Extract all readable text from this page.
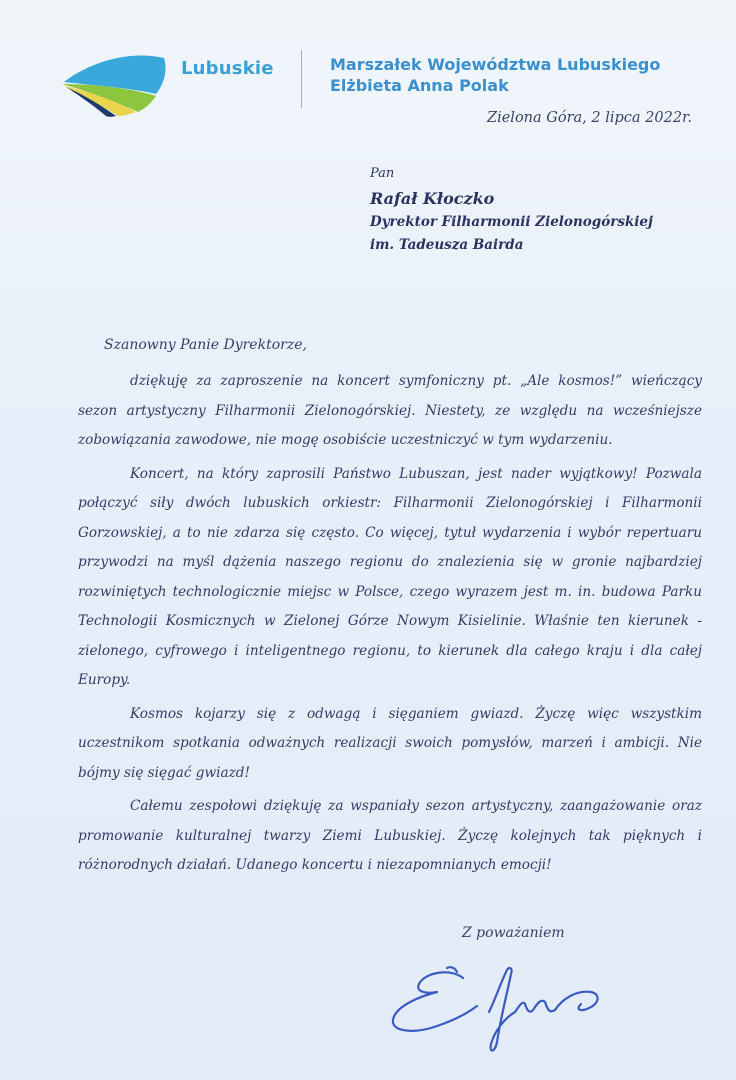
Lubuskie	Marszałek Województwa Lubuskiego
Elżbieta Anna Polak
Zielona Góra, 2 lipca 2022r.
Pan
Rafał Kłoczko
Dyrektor Filharmonii Zielonogórskiej
im. Tadeusza Bairda
Szanowny Panie Dyrektorze,

dziękuję za zaproszenie na koncert symfoniczny pt. „Ale kosmos!” wieńczący sezon artystyczny Filharmonii Zielonogórskiej. Niestety, ze względu na wcześniejsze zobowiązania zawodowe, nie mogę osobiście uczestniczyć w tym wydarzeniu.

Koncert, na który zaprosili Państwo Lubuszan, jest nader wyjątkowy! Pozwala połączyć siły dwóch lubuskich orkiestr: Filharmonii Zielonogórskiej i Filharmonii Gorzowskiej, a to nie zdarza się często. Co więcej, tytuł wydarzenia i wybór repertuaru przywodzi na myśl dążenia naszego regionu do znalezienia się w gronie najbardziej rozwiniętych technologicznie miejsc w Polsce, czego wyrazem jest m. in. budowa Parku Technologii Kosmicznych w Zielonej Górze Nowym Kisielinie. Właśnie ten kierunek - zielonego, cyfrowego i inteligentnego regionu, to kierunek dla całego kraju i dla całej Europy.

Kosmos kojarzy się z odwagą i sięganiem gwiazd. Życzę więc wszystkim uczestnikom spotkania odważnych realizacji swoich pomysłów, marzeń i ambicji. Nie bójmy się sięgać gwiazd!

Całemu zespołowi dziękuję za wspaniały sezon artystyczny, zaangażowanie oraz promowanie kulturalnej twarzy Ziemi Lubuskiej. Życzę kolejnych tak pięknych i różnorodnych działań. Udanego koncertu i niezapomnianych emocji!

Z poważaniem
